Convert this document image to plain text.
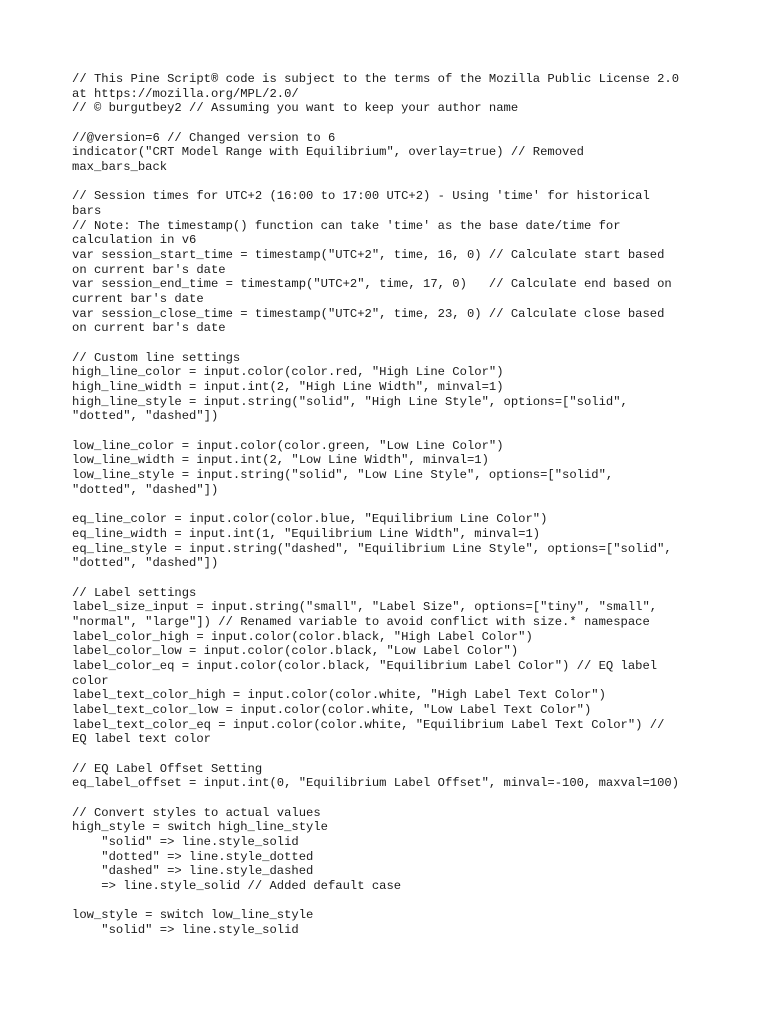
// This Pine Script® code is subject to the terms of the Mozilla Public License 2.0
at https://mozilla.org/MPL/2.0/
// © burgutbey2 // Assuming you want to keep your author name
//@version=6 // Changed version to 6
indicator("CRT Model Range with Equilibrium", overlay=true) // Removed
max_bars_back
// Session times for UTC+2 (16:00 to 17:00 UTC+2) - Using 'time' for historical
bars
// Note: The timestamp() function can take 'time' as the base date/time for
calculation in v6
var session_start_time = timestamp("UTC+2", time, 16, 0) // Calculate start based
on current bar's date
var session_end_time = timestamp("UTC+2", time, 17, 0)   // Calculate end based on
current bar's date
var session_close_time = timestamp("UTC+2", time, 23, 0) // Calculate close based
on current bar's date
// Custom line settings
high_line_color = input.color(color.red, "High Line Color")
high_line_width = input.int(2, "High Line Width", minval=1)
high_line_style = input.string("solid", "High Line Style", options=["solid",
"dotted", "dashed"])
low_line_color = input.color(color.green, "Low Line Color")
low_line_width = input.int(2, "Low Line Width", minval=1)
low_line_style = input.string("solid", "Low Line Style", options=["solid",
"dotted", "dashed"])
eq_line_color = input.color(color.blue, "Equilibrium Line Color")
eq_line_width = input.int(1, "Equilibrium Line Width", minval=1)
eq_line_style = input.string("dashed", "Equilibrium Line Style", options=["solid",
"dotted", "dashed"])
// Label settings
label_size_input = input.string("small", "Label Size", options=["tiny", "small",
"normal", "large"]) // Renamed variable to avoid conflict with size.* namespace
label_color_high = input.color(color.black, "High Label Color")
label_color_low = input.color(color.black, "Low Label Color")
label_color_eq = input.color(color.black, "Equilibrium Label Color") // EQ label
color
label_text_color_high = input.color(color.white, "High Label Text Color")
label_text_color_low = input.color(color.white, "Low Label Text Color")
label_text_color_eq = input.color(color.white, "Equilibrium Label Text Color") //
EQ label text color
// EQ Label Offset Setting
eq_label_offset = input.int(0, "Equilibrium Label Offset", minval=-100, maxval=100)
// Convert styles to actual values
high_style = switch high_line_style
"solid" => line.style_solid
"dotted" => line.style_dotted
"dashed" => line.style_dashed
=> line.style_solid // Added default case
low_style = switch low_line_style
"solid" => line.style_solid
